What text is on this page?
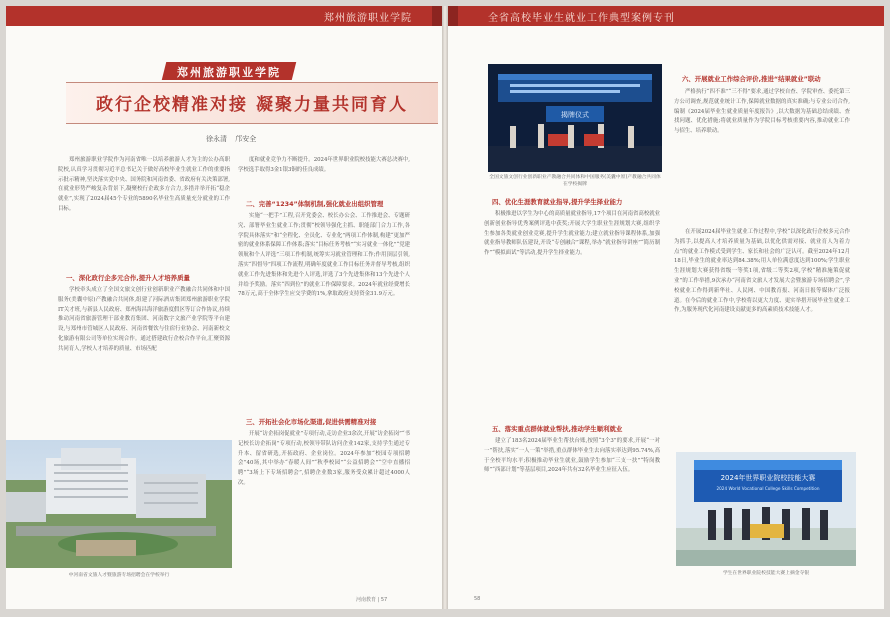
郑州旅游职业学院
郑州旅游职业学院
政行企校精准对接 凝聚力量共同育人
徐永清 邝安全

郑州旅游职业学院作为河南省唯一以培养旅游人才为主的公办高职院校,认真学习贯彻习近平总书记关于做好高校毕业生就业工作的重要指示批示精神,坚决落实党中央、国务院和河南省委、省政府有关决策部署,在就业形势严峻复杂背景下,凝聚校行企政多方合力,多措并举开拓“稳企就业”,实现了2024届45个专业的5890名毕业生高质量充分就业的工作目标。

一、深化政行企多元合作,提升人才培养质量

学校牵头成立了全国文旅文创行业创新职业产教融合共同体和中国服务(美囊中原)产教融合共同体,组建了河际酒店集团郑州旅游职业学院IT关才班,与新县人民政府、郑州海昌海洋旅游度假区等订合作协议,持续推动河南省旅游管理干部业教育集团、河南数字文旅产业学院等平台建设,与郑州市管城区人民政府、河南省餐饮与住宿行业协会、河南新校文化旅游有限公司等单位实现合作。通过搭建政行企校合作平台,汇聚资源共同育人,学校人才培养的质量、市场匹配

度和就业竞争力不断提升。2024年世界职业院校技能大赛总决赛中,学校选手取得3金1银3铜的佳良成绩。

二、完善“1234”体制机制,强化就业出组织管理

实施“一把手”工程,召开党委会、校长办公会、工作推进会、专题研究、部署毕业生就业工作;贯彻“校领导强化主抓、职能部门合力工作,各学院具体落实”和“全程化、全员化、专业化”两项工作体制,构建“更加严密的就业体系保障工作体系;落实“目标任务考核”“实习就业一体化”“党建领航和个人评选”三项工作机制,统筹实习就业管理和工作;作用顶层引领,落实“四督导”四项工作流程,明确年度就业工作目标任务并督导考核,组织就业工作先进集体和先进个人评选,评选了3个先进集体和13个先进个人并给予奖励。落实“四到位”的就业工作保障要求。2024年就业经费增长78万元,高于全体学生应交学费的1%,拿取政府支持资金31.9万元。

三、开拓社会化市场化渠道,促进供需精准对接

开展“访企拓岗促就业”专项行动,走访企业3余次,开展“访企拓岗”“书记校长访企拓岗”专项行动,校领导带队访问企业142家,支持学生通过专升本、留省研选,开拓政府、企业岗位。2024年参加“校园专项招聘会”40场,其中举办“春暖人间”“秋季校园”“公益招聘会”“空中直播招聘”“3场上下专场招聘会”,招聘企业数3家,服务受众累计超过4000人次。

中河南省文旅人才暨旅游专场招聘会在学校举行
河南教育 | 57
全省高校毕业生就业工作典型案例专刊
揭牌仪式
全国文旅文创行业创新职业产教融合共同体和中国服务(美囊中原)产教融合共同体在学校揭牌
四、优化生涯教育就业指导,提升学生择业能力

积极推进以学生为中心的高质量就业指导,17个项目在河南省高校就业创新创业指导优秀案例评选中获奖;开展大学生职业生涯规划大赛,组织学生参加各类就业创业竞赛,提升学生就业能力;建立就业指导课程体系,加强就业指导教师队伍建设,开设“专创融合”课程,举办“就业指导讲座”“简历制作”“模拟面试”等活动,提升学生择业能力。

五、落实重点群体就业帮扶,推动学生顺利就业

建立了183名2024届毕业生帮扶台账,按照“3个3”的要求,开展“一对一”帮扶,落实“一人一策”举措,重点群体毕业生去向落实率达到95.74%,高于全校平均水平;积极推动毕业生就业,鼓励学生参加“三支一扶”“特岗教师”“西部计划”等基层项目,2024年共有32名毕业生应征入伍。

六、开展就业工作综合评价,推进“结果就业”联动

严格执行“四不准”“三不得”要求,通过学校自查、学院审查、委托第三方公司调查,规范就业统计工作,保障就业数据的真实准确;与专业公司合作,编制《2024届毕业生就业质量年度报告》,以大数据为基础总结成绩、查找问题、优化措施;将就业质量作为学院目标考核重要内容,推动就业工作与招生、培养联动。

在开展2024届毕业生就业工作过程中,学校“以深化政行企校多元合作为抓手,以提高人才培养质量为基础,以优化供需对接、就业育人为着力点”的就业工作模式受到学生、家长和社会的广泛认可。截至2024年12月18日,毕业生的就业率达到84.38%;用人单位满意度达到100%;学生职业生涯规划大赛获得省级一等奖1项,省级二等奖2项,学校“精准施策促就业”的工作举措,9次承办“河南省文旅人才发展大会暨旅游专场招聘会”,学校就业工作得到新华社、人民网、中国教育报、河南日报等媒体广泛报道。在今后的就业工作中,学校将以更大力度、更实举措开展毕业生就业工作,为服务现代化河南建设贡献更多的高素质技术技能人才。

2024年世界职业院校技能大赛
2024 World Vocational College Skills Competition
学生在世界职业院校技能大赛上摘金夺银
58
